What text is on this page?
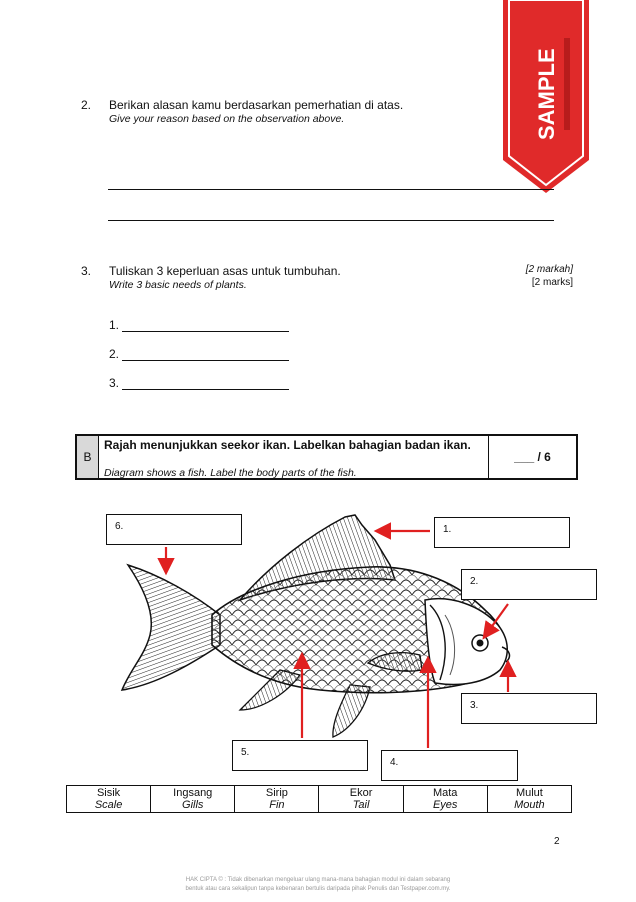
SAMPLE
2. Berikan alasan kamu berdasarkan pemerhatian di atas.
Give your reason based on the observation above.
3. Tuliskan 3 keperluan asas untuk tumbuhan.
Write 3 basic needs of plants.
[2 markah]
[2 marks]
1.
2.
3.
B
Rajah menunjukkan seekor ikan. Labelkan bahagian badan ikan.
Diagram shows a fish. Label the body parts of the fish.
___ / 6
1.
2.
3.
4.
5.
6.
Sisik
Scale

Ingsang
Gills

Sirip
Fin

Ekor
Tail

Mata
Eyes

Mulut
Mouth
2
HAK CIPTA © : Tidak dibenarkan mengeluar ulang mana-mana bahagian modul ini dalam sebarang
bentuk atau cara sekalipun tanpa kebenaran bertulis daripada pihak Penulis dan Testpaper.com.my.
